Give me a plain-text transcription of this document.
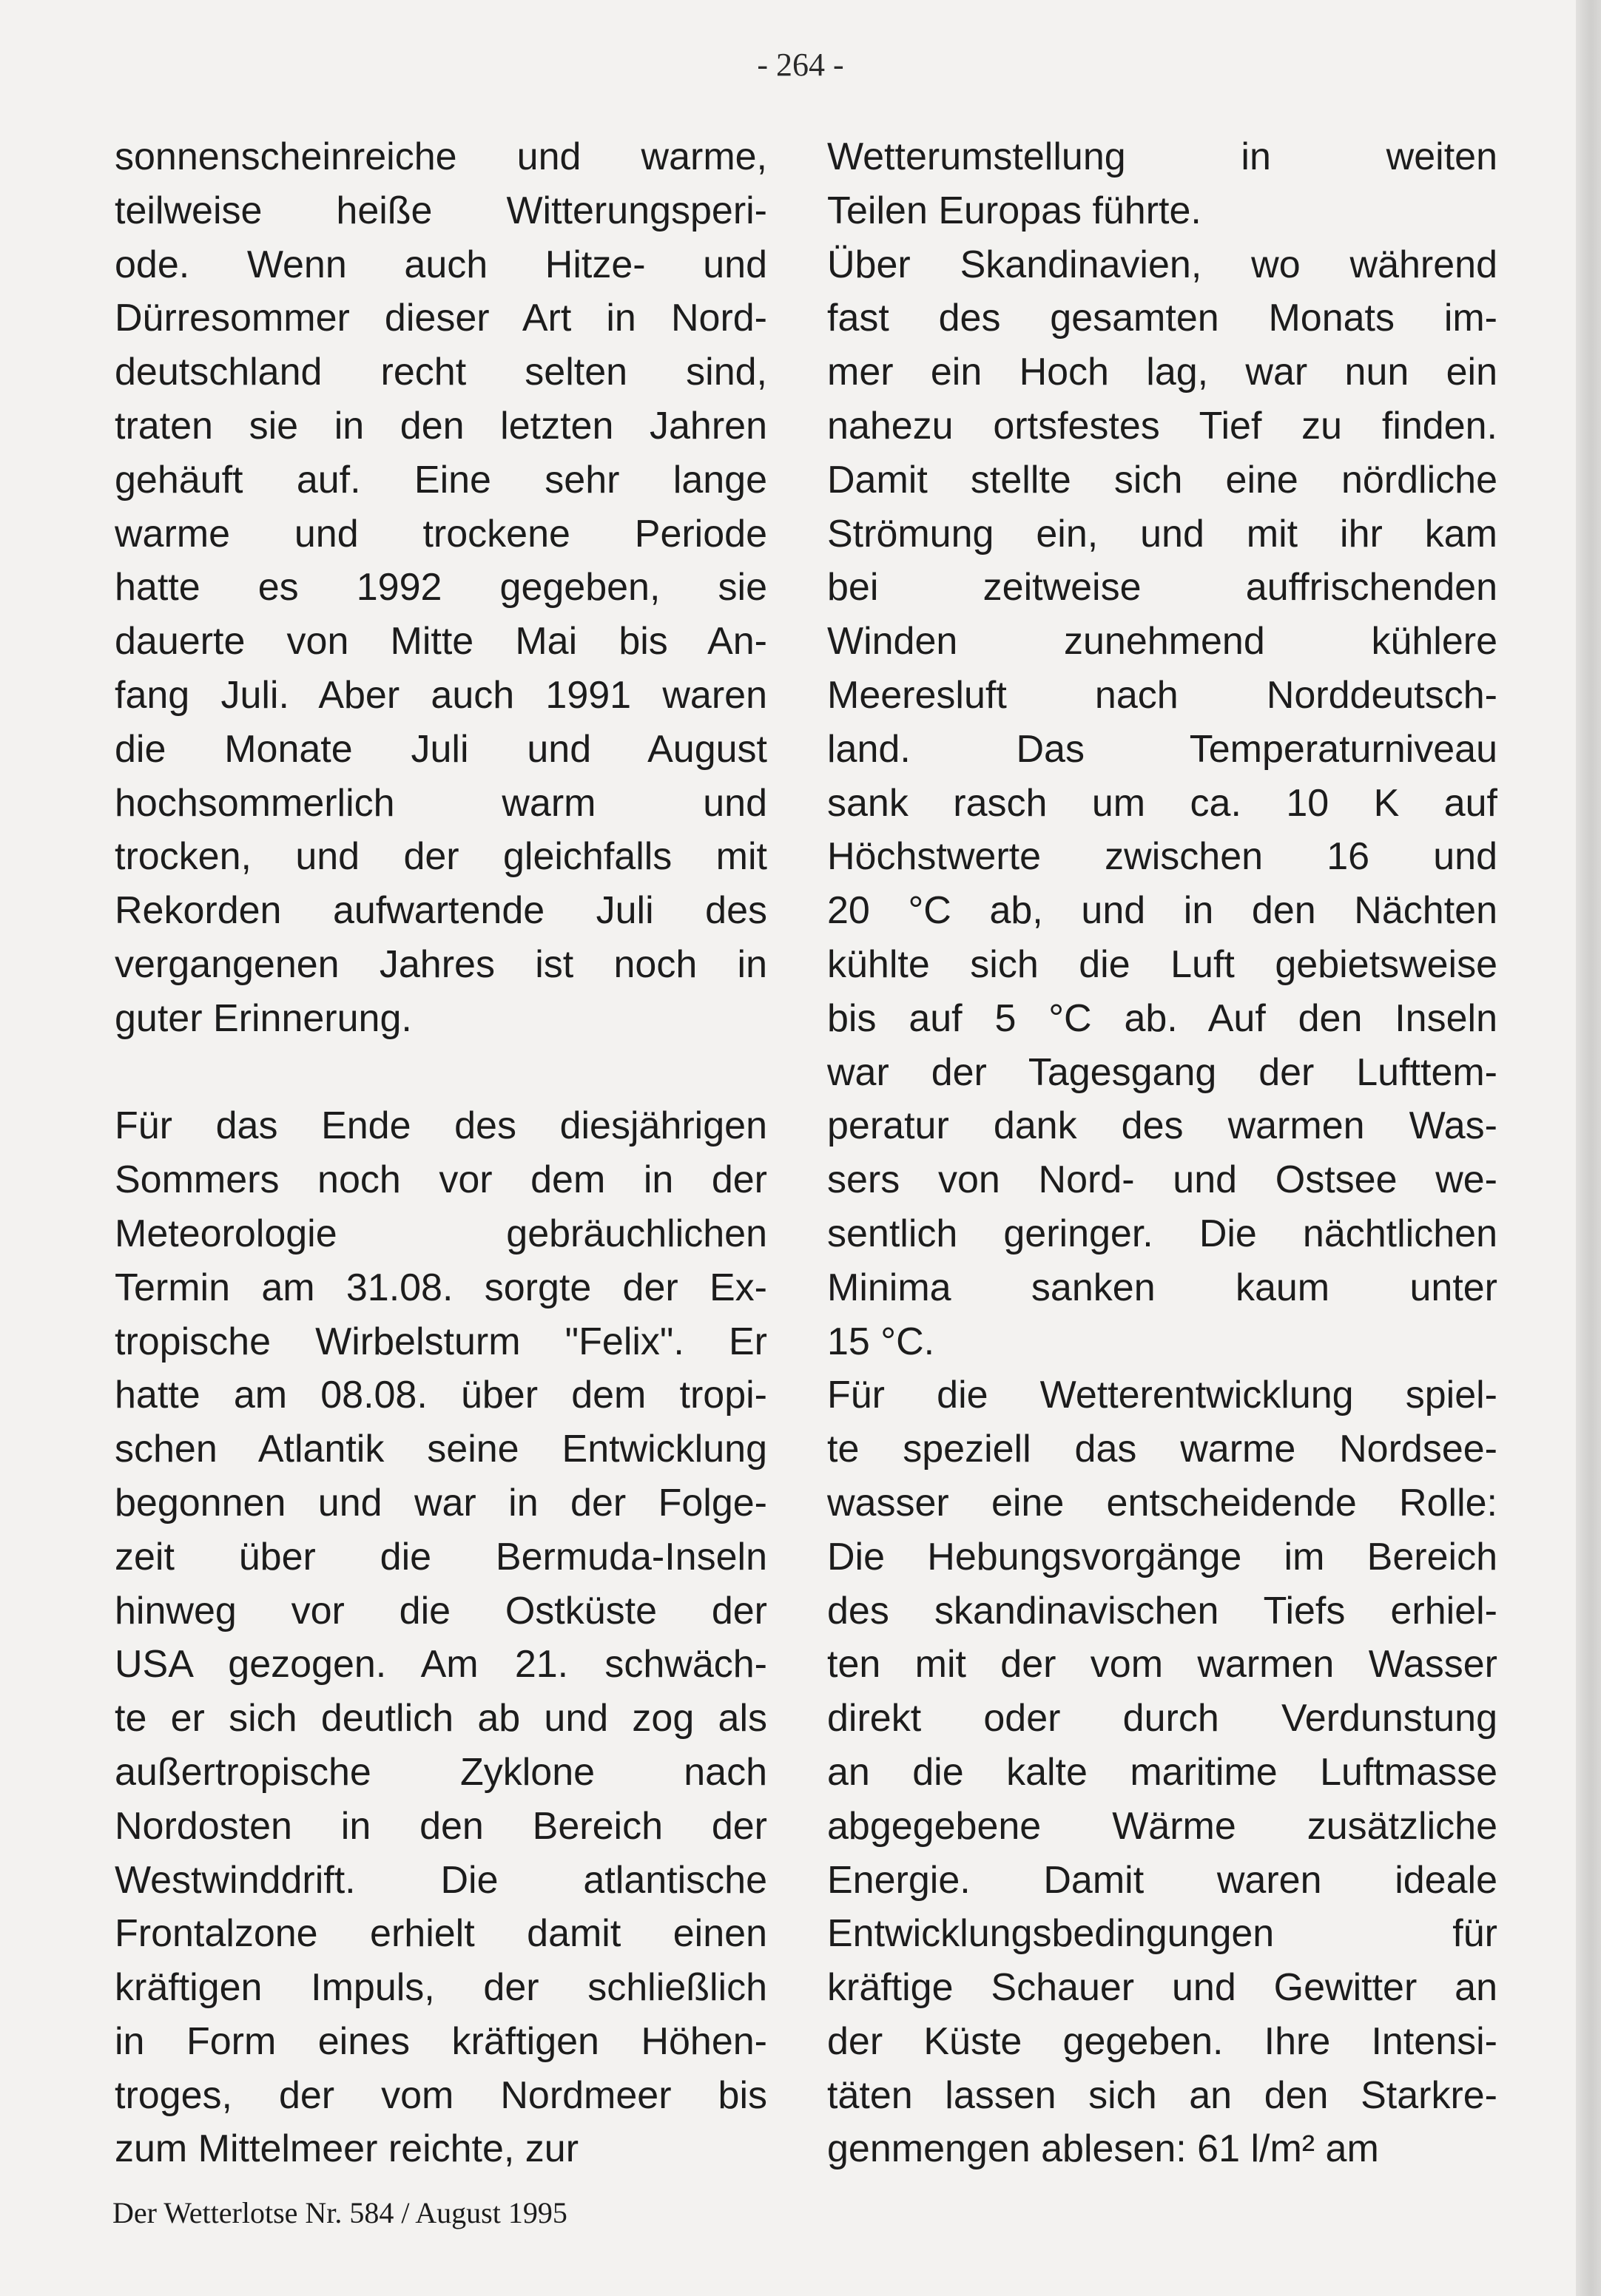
- 264 -
sonnenscheinreiche und warme,
teilweise heiße Witterungsperi-
ode. Wenn auch Hitze- und
Dürresommer dieser Art in Nord-
deutschland recht selten sind,
traten sie in den letzten Jahren
gehäuft auf. Eine sehr lange
warme und trockene Periode
hatte es 1992 gegeben, sie
dauerte von Mitte Mai bis An-
fang Juli. Aber auch 1991 waren
die Monate Juli und August
hochsommerlich warm und
trocken, und der gleichfalls mit
Rekorden aufwartende Juli des
vergangenen Jahres ist noch in
guter Erinnerung.
Für das Ende des diesjährigen
Sommers noch vor dem in der
Meteorologie gebräuchlichen
Termin am 31.08. sorgte der Ex-
tropische Wirbelsturm "Felix". Er
hatte am 08.08. über dem tropi-
schen Atlantik seine Entwicklung
begonnen und war in der Folge-
zeit über die Bermuda-Inseln
hinweg vor die Ostküste der
USA gezogen. Am 21. schwäch-
te er sich deutlich ab und zog als
außertropische Zyklone nach
Nordosten in den Bereich der
Westwinddrift. Die atlantische
Frontalzone erhielt damit einen
kräftigen Impuls, der schließlich
in Form eines kräftigen Höhen-
troges, der vom Nordmeer bis
zum Mittelmeer reichte, zur
Wetterumstellung in weiten
Teilen Europas führte.
Über Skandinavien, wo während
fast des gesamten Monats im-
mer ein Hoch lag, war nun ein
nahezu ortsfestes Tief zu finden.
Damit stellte sich eine nördliche
Strömung ein, und mit ihr kam
bei zeitweise auffrischenden
Winden zunehmend kühlere
Meeresluft nach Norddeutsch-
land. Das Temperaturniveau
sank rasch um ca. 10 K auf
Höchstwerte zwischen 16 und
20 °C ab, und in den Nächten
kühlte sich die Luft gebietsweise
bis auf 5 °C ab. Auf den Inseln
war der Tagesgang der Lufttem-
peratur dank des warmen Was-
sers von Nord- und Ostsee we-
sentlich geringer. Die nächtlichen
Minima sanken kaum unter
15 °C.
Für die Wetterentwicklung spiel-
te speziell das warme Nordsee-
wasser eine entscheidende Rolle:
Die Hebungsvorgänge im Bereich
des skandinavischen Tiefs erhiel-
ten mit der vom warmen Wasser
direkt oder durch Verdunstung
an die kalte maritime Luftmasse
abgegebene Wärme zusätzliche
Energie. Damit waren ideale
Entwicklungsbedingungen für
kräftige Schauer und Gewitter an
der Küste gegeben. Ihre Intensi-
täten lassen sich an den Starkre-
genmengen ablesen: 61 l/m² am
Der Wetterlotse Nr. 584 / August 1995
